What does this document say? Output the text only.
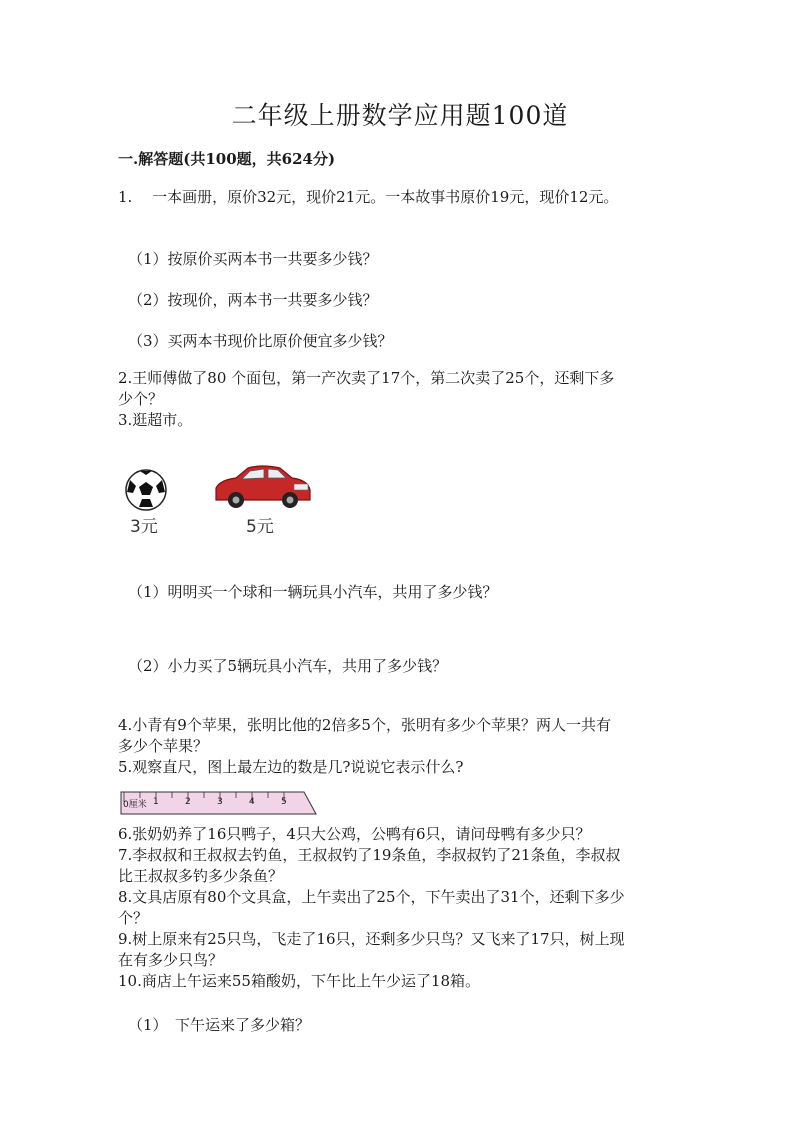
二年级上册数学应用题100道
一.解答题(共100题，共624分)
1.　 一本画册，原价32元，现价21元。一本故事书原价19元，现价12元。
（1）按原价买两本书一共要多少钱？
（2）按现价，两本书一共要多少钱？
（3）买两本书现价比原价便宜多少钱？
2.王师傅做了80 个面包，第一产次卖了17个，第二次卖了25个，还剩下多
少个？
3.逛超市。
3元	5元
（1）明明买一个球和一辆玩具小汽车，共用了多少钱？
（2）小力买了5辆玩具小汽车，共用了多少钱？
4.小青有9个苹果，张明比他的2倍多5个，张明有多少个苹果？两人一共有
多少个苹果？
5.观察直尺，图上最左边的数是几?说说它表示什么?
0厘米 1	2	3	4	5
6.张奶奶养了16只鸭子，4只大公鸡，公鸭有6只，请问母鸭有多少只？
7.李叔叔和王叔叔去钓鱼，王叔叔钓了19条鱼，李叔叔钓了21条鱼，李叔叔
比王叔叔多钓多少条鱼？
8.文具店原有80个文具盒，上午卖出了25个，下午卖出了31个，还剩下多少
个？
9.树上原来有25只鸟，飞走了16只，还剩多少只鸟？又飞来了17只，树上现
在有多少只鸟？
10.商店上午运来55箱酸奶，下午比上午少运了18箱。
（1）　下午运来了多少箱？
